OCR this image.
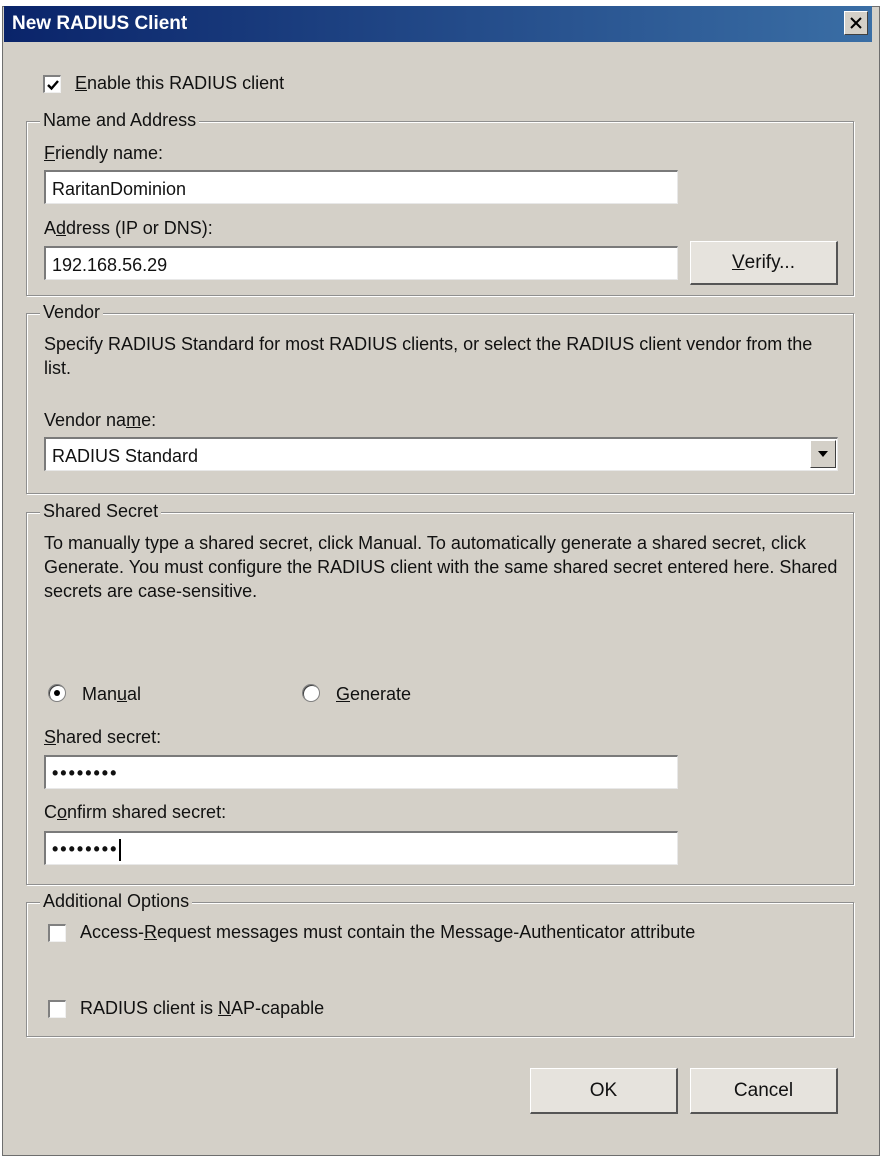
New RADIUS Client
Enable this RADIUS client
Name and Address
Friendly name:
RaritanDominion
Address (IP or DNS):
192.168.56.29	V erify...
Vendor
Specify RADIUS Standard for most RADIUS clients, or select the RADIUS client vendor from the list.
Vendor name:
RADIUS Standard
Shared Secret
To manually type a shared secret, click Manual. To automatically generate a shared secret, click Generate. You must configure the RADIUS client with the same shared secret entered here. Shared secrets are case-sensitive.
Manual	Generate
Shared secret:
••••••••
Confirm shared secret:
••••••••
Additional Options
Access-Request messages must contain the Message-Authenticator attribute
RADIUS client is NAP-capable
OK	Cancel
